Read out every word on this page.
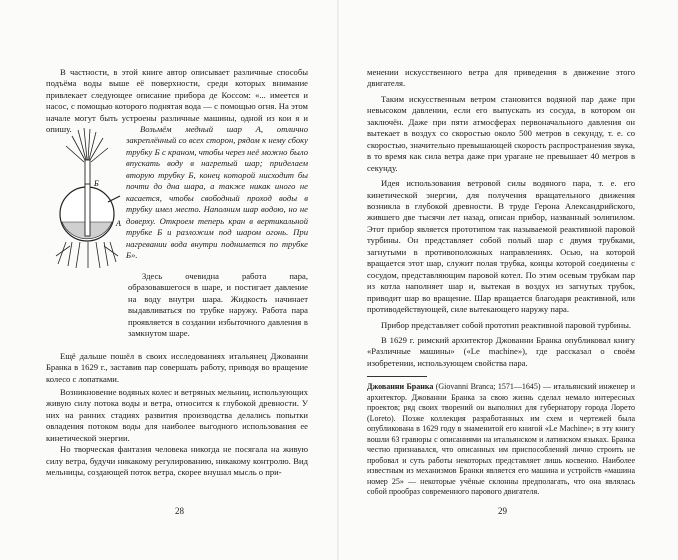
В частности, в этой книге автор описывает различные способы подъёма воды выше её поверхности, среди которых внимание привлекает следующее описание прибора де Коссом: «... имеется и насос, с помощью которого поднятая вода — с помощью огня. На этом начале могут быть устроены различные машины, одной из кои я и опишу.
Б
А
Возьмём медный шар А, отлично закреплённый со всех сторон, рядом к нему сбоку трубку Б с краном, чтобы через неё можно было впускать воду в нагретый шар; приделаем вторую трубку Б, конец которой нисходит бы почти до дна шара, а также никак иного не касается, чтобы свободный проход воды в трубку имел место. Наполним шар водою, но не доверху. Откроем теперь кран в вертикальной трубке Б и разложим под шаром огонь. При нагревании вода внутри поднимется по трубке Б».
Здесь очевидна работа пара, образовавшегося в шаре, и постигает давление на воду внутри шара. Жидкость начинает выдавливаться по трубке наружу. Работа пара проявляется в создании избыточного давления в замкнутом шаре.
Ещё дальше пошёл в своих исследованиях итальянец Джованни Бранка в 1629 г., заставив пар совершать работу, приводя во вращение колесо с лопатками.
Возникновение водяных колес и ветряных мельниц, использующих живую силу потока воды и ветра, относится к глубокой древности. У них на ранних стадиях развития производства делались попытки овладения потоком воды для наиболее выгодного использования ее кинетической энергии.
Но творческая фантазия человека никогда не посягала на живую силу ветра, будучи никакому регулированию, никакому контролю. Вид мельницы, создающей поток ветра, скорее внушал мысль о при-
28
менении искусственного ветра для приведения в движение этого двигателя.
Таким искусственным ветром становится водяной пар даже при невысоком давлении, если его выпускать из сосуда, в котором он заключён. Даже при пяти атмосферах первоначального давления он вытекает в воздух со скоростью около 500 метров в секунду, т. е. со скоростью, значительно превышающей скорость распространения звука, в то время как сила ветра даже при урагане не превышает 40 метров в секунду.
Идея использования ветровой силы водяного пара, т. е. его кинетической энергии, для получения вращательного движения возникла в глубокой древности. В труде Герона Александрийского, жившего две тысячи лет назад, описан прибор, названный эолипилом. Этот прибор является прототипом так называемой реактивной паровой турбины. Он представляет собой полый шар с двумя трубками, загнутыми в противоположных направлениях. Осью, на которой вращается этот шар, служит полая трубка, концы которой соединены с сосудом, представляющим паровой котел. По этим осевым трубкам пар из котла наполняет шар и, вытекая в воздух из загнутых трубок, приводит шар во вращение. Шар вращается благодаря реактивной, или противодействующей, силе вытекающего наружу пара.
Прибор представляет собой прототип реактивной паровой турбины.
В 1629 г. римский архитектор Джованни Бранка опубликовал книгу «Различные машины» («Le machine»), где рассказал о своём изобретении, использующем свойства пара.
Джованни Бранка (Giovanni Branca; 1571—1645) — итальянский инженер и архитектор. Джованни Бранка за свою жизнь сделал немало интересных проектов; ряд своих творений он выполнил для губернатору города Лорето (Loreto). Позже коллекция разработанных им схем и чертежей была опубликована в 1629 году в знаменитой его книгой «Le Machine»; в эту книгу вошли 63 гравюры с описаниями на итальянском и латинском языках. Бранка честно признавался, что описанных им приспособлений лично строить не пробовал и суть работы некоторых представляет лишь косвенно. Наиболее известным из механизмов Бранки является его машина и устройств «машина номер 25» — некоторые учёные склонны предполагать, что она являлась собой прообраз современного парового двигателя.
29
